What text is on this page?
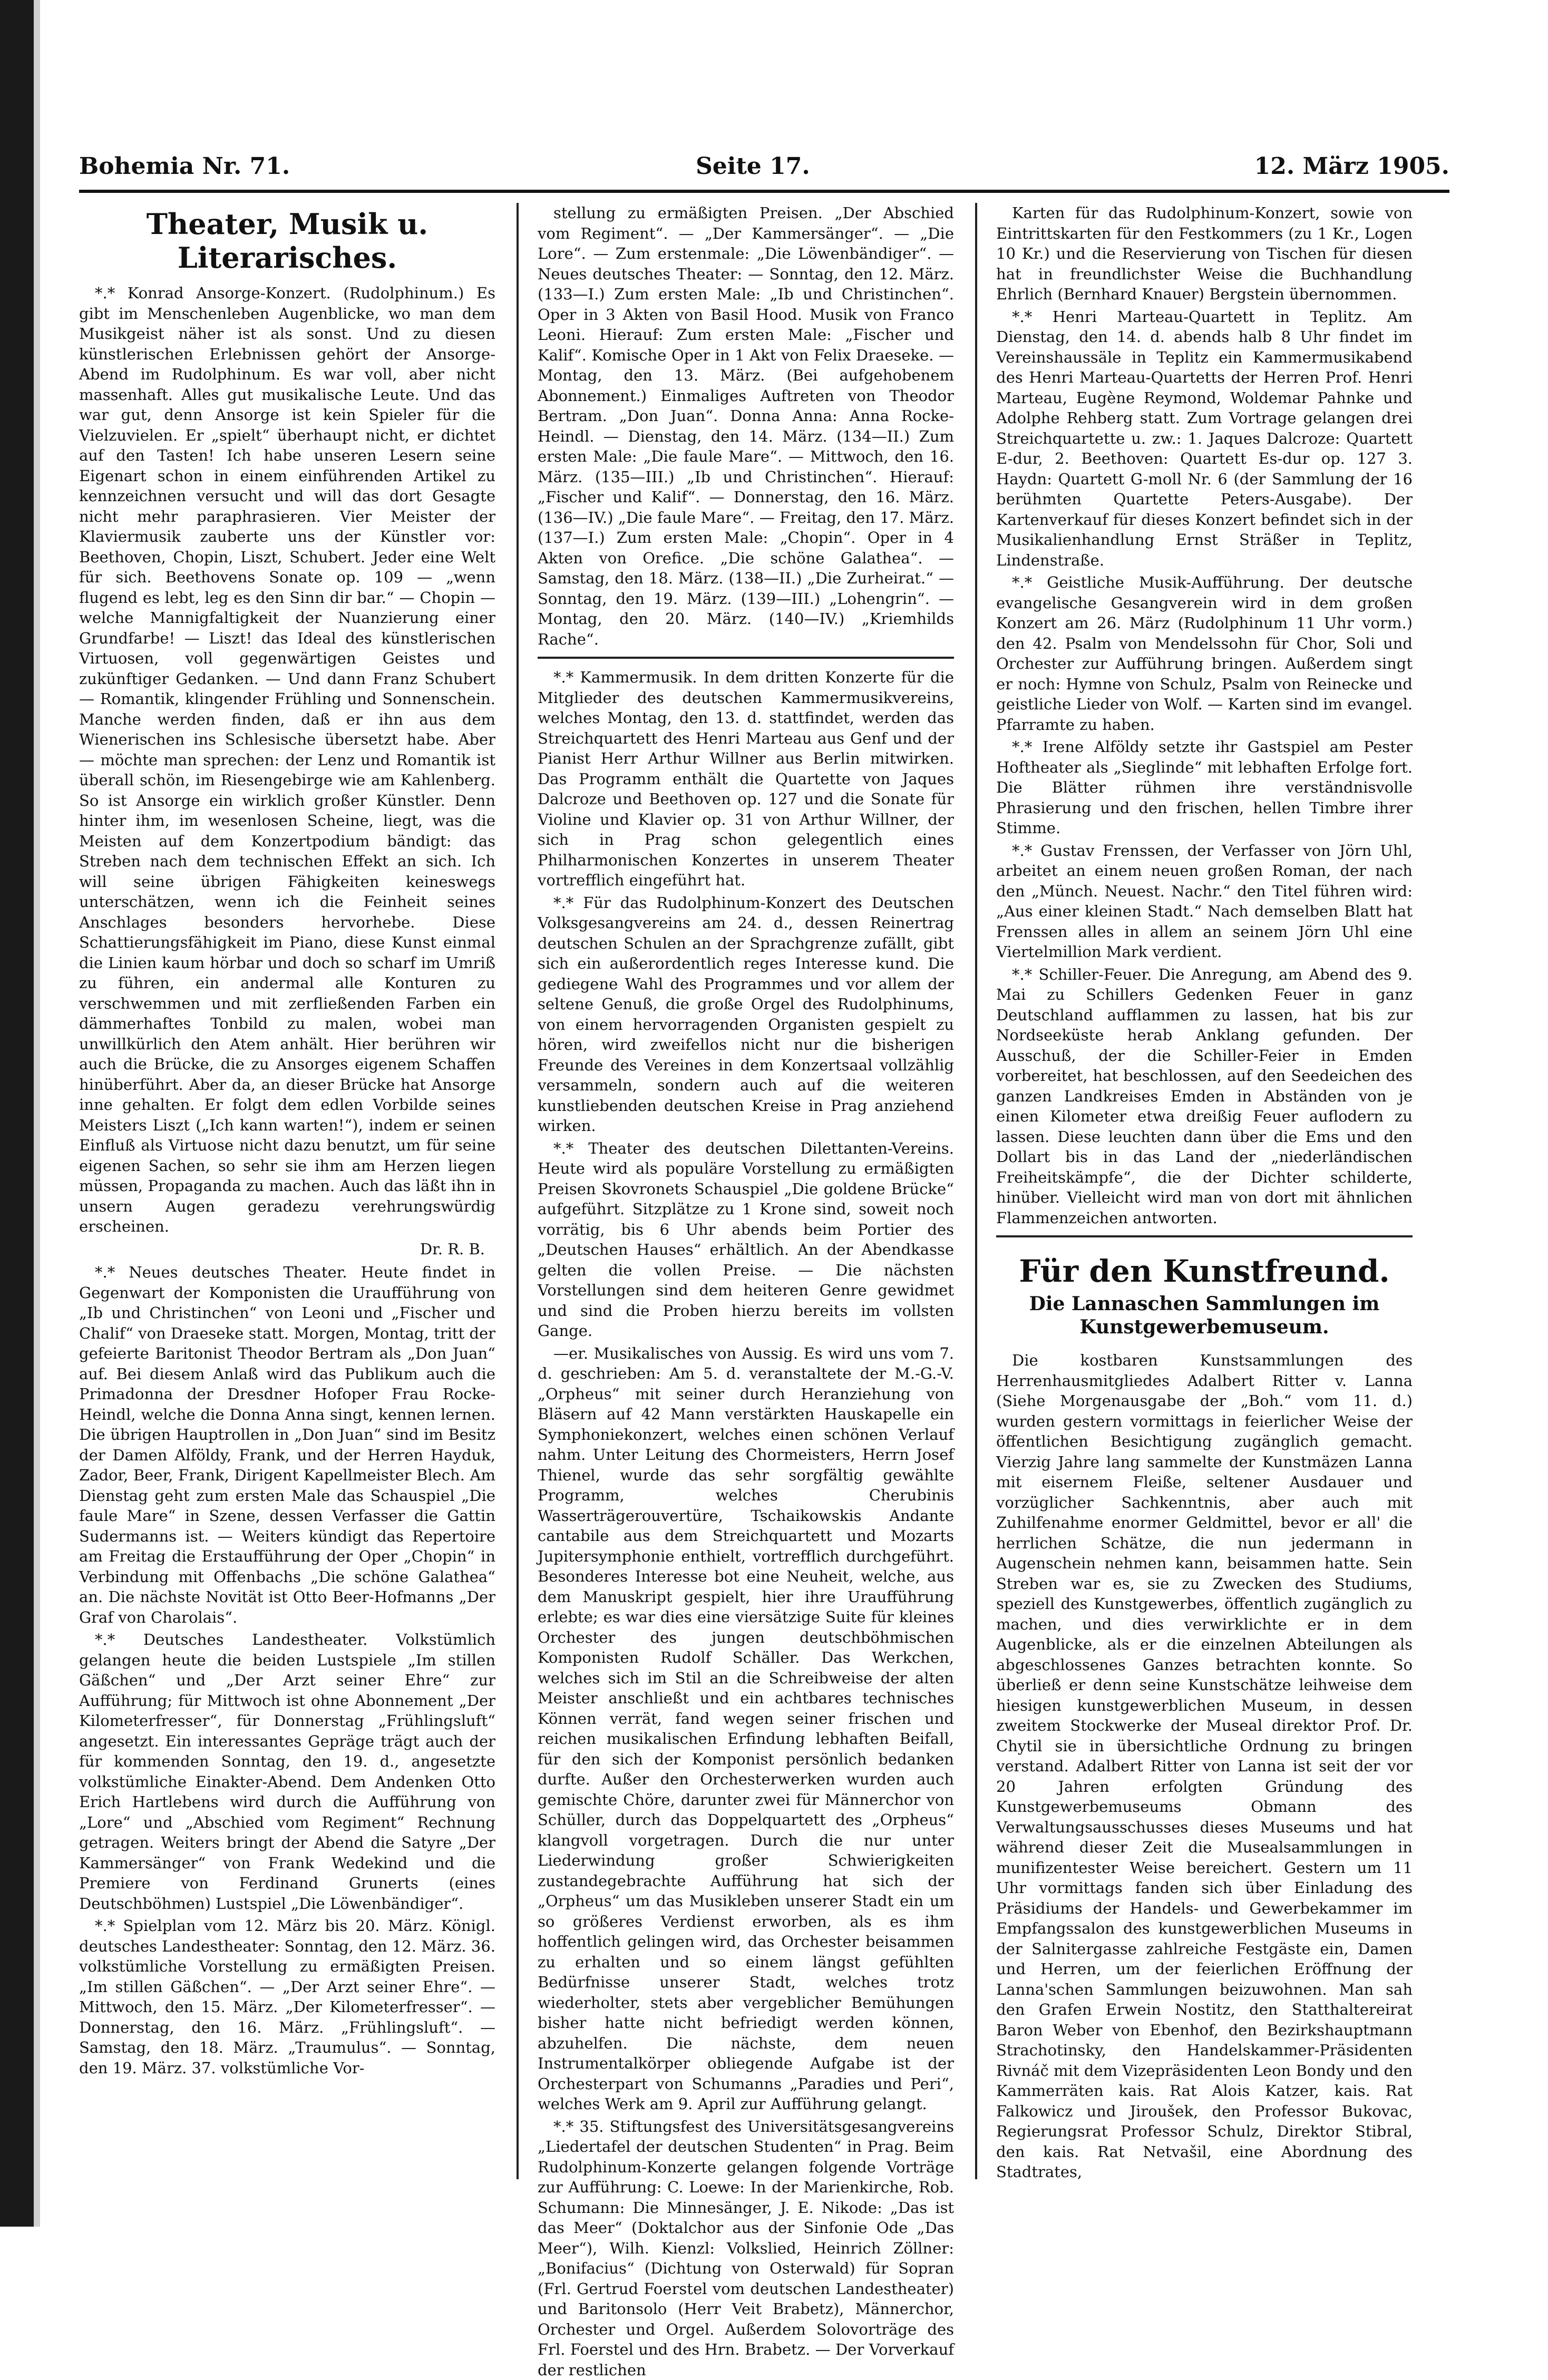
Bohemia Nr. 71.	Seite 17.	12. März 1905.
Theater, Musik u. Literarisches.

*.* Konrad Ansorge-Konzert. (Rudolphinum.) Es gibt im Menschenleben Augenblicke, wo man dem Musikgeist näher ist als sonst. Und zu diesen künstlerischen Erlebnissen gehört der Ansorge-Abend im Rudolphinum. Es war voll, aber nicht massenhaft. Alles gut musikalische Leute. Und das war gut, denn Ansorge ist kein Spieler für die Vielzuvielen. Er „spielt“ überhaupt nicht, er dichtet auf den Tasten! Ich habe unseren Lesern seine Eigenart schon in einem einführenden Artikel zu kennzeichnen versucht und will das dort Gesagte nicht mehr paraphrasieren. Vier Meister der Klaviermusik zauberte uns der Künstler vor: Beethoven, Chopin, Liszt, Schubert. Jeder eine Welt für sich. Beethovens Sonate op. 109 — „wenn flugend es lebt, leg es den Sinn dir bar.“ — Chopin — welche Mannigfaltigkeit der Nuanzierung einer Grundfarbe! — Liszt! das Ideal des künstlerischen Virtuosen, voll gegenwärtigen Geistes und zukünftiger Gedanken. — Und dann Franz Schubert — Romantik, klingender Frühling und Sonnenschein. Manche werden finden, daß er ihn aus dem Wienerischen ins Schlesische übersetzt habe. Aber — möchte man sprechen: der Lenz und Romantik ist überall schön, im Riesengebirge wie am Kahlenberg. So ist Ansorge ein wirklich großer Künstler. Denn hinter ihm, im wesenlosen Scheine, liegt, was die Meisten auf dem Konzertpodium bändigt: das Streben nach dem technischen Effekt an sich. Ich will seine übrigen Fähigkeiten keineswegs unterschätzen, wenn ich die Feinheit seines Anschlages besonders hervorhebe. Diese Schattierungsfähigkeit im Piano, diese Kunst einmal die Linien kaum hörbar und doch so scharf im Umriß zu führen, ein andermal alle Konturen zu verschwemmen und mit zerfließenden Farben ein dämmerhaftes Tonbild zu malen, wobei man unwillkürlich den Atem anhält. Hier berühren wir auch die Brücke, die zu Ansorges eigenem Schaffen hinüberführt. Aber da, an dieser Brücke hat Ansorge inne gehalten. Er folgt dem edlen Vorbilde seines Meisters Liszt („Ich kann warten!“), indem er seinen Einfluß als Virtuose nicht dazu benutzt, um für seine eigenen Sachen, so sehr sie ihm am Herzen liegen müssen, Propaganda zu machen. Auch das läßt ihn in unsern Augen geradezu verehrungswürdig erscheinen.

Dr. R. B.

*.* Neues deutsches Theater. Heute findet in Gegenwart der Komponisten die Uraufführung von „Ib und Christinchen“ von Leoni und „Fischer und Chalif“ von Draeseke statt. Morgen, Montag, tritt der gefeierte Baritonist Theodor Bertram als „Don Juan“ auf. Bei diesem Anlaß wird das Publikum auch die Primadonna der Dresdner Hofoper Frau Rocke-Heindl, welche die Donna Anna singt, kennen lernen. Die übrigen Hauptrollen in „Don Juan“ sind im Besitz der Damen Alföldy, Frank, und der Herren Hayduk, Zador, Beer, Frank, Dirigent Kapellmeister Blech. Am Dienstag geht zum ersten Male das Schauspiel „Die faule Mare“ in Szene, dessen Verfasser die Gattin Sudermanns ist. — Weiters kündigt das Repertoire am Freitag die Erstaufführung der Oper „Chopin“ in Verbindung mit Offenbachs „Die schöne Galathea“ an. Die nächste Novität ist Otto Beer-Hofmanns „Der Graf von Charolais“.

*.* Deutsches Landestheater. Volkstümlich gelangen heute die beiden Lustspiele „Im stillen Gäßchen“ und „Der Arzt seiner Ehre“ zur Aufführung; für Mittwoch ist ohne Abonnement „Der Kilometerfresser“, für Donnerstag „Frühlingsluft“ angesetzt. Ein interessantes Gepräge trägt auch der für kommenden Sonntag, den 19. d., angesetzte volkstümliche Einakter-Abend. Dem Andenken Otto Erich Hartlebens wird durch die Aufführung von „Lore“ und „Abschied vom Regiment“ Rechnung getragen. Weiters bringt der Abend die Satyre „Der Kammersänger“ von Frank Wedekind und die Premiere von Ferdinand Grunerts (eines Deutschböhmen) Lustspiel „Die Löwenbändiger“.

*.* Spielplan vom 12. März bis 20. März. Königl. deutsches Landestheater: Sonntag, den 12. März. 36. volkstümliche Vorstellung zu ermäßigten Preisen. „Im stillen Gäßchen“. — „Der Arzt seiner Ehre“. — Mittwoch, den 15. März. „Der Kilometerfresser“. — Donnerstag, den 16. März. „Frühlingsluft“. — Samstag, den 18. März. „Traumulus“. — Sonntag, den 19. März. 37. volkstümliche Vor-

stellung zu ermäßigten Preisen. „Der Abschied vom Regiment“. — „Der Kammersänger“. — „Die Lore“. — Zum erstenmale: „Die Löwenbändiger“. — Neues deutsches Theater: — Sonntag, den 12. März. (133—I.) Zum ersten Male: „Ib und Christinchen“. Oper in 3 Akten von Basil Hood. Musik von Franco Leoni. Hierauf: Zum ersten Male: „Fischer und Kalif“. Komische Oper in 1 Akt von Felix Draeseke. — Montag, den 13. März. (Bei aufgehobenem Abonnement.) Einmaliges Auftreten von Theodor Bertram. „Don Juan“. Donna Anna: Anna Rocke-Heindl. — Dienstag, den 14. März. (134—II.) Zum ersten Male: „Die faule Mare“. — Mittwoch, den 16. März. (135—III.) „Ib und Christinchen“. Hierauf: „Fischer und Kalif“. — Donnerstag, den 16. März. (136—IV.) „Die faule Mare“. — Freitag, den 17. März. (137—I.) Zum ersten Male: „Chopin“. Oper in 4 Akten von Orefice. „Die schöne Galathea“. — Samstag, den 18. März. (138—II.) „Die Zurheirat.“ — Sonntag, den 19. März. (139—III.) „Lohengrin“. — Montag, den 20. März. (140—IV.) „Kriemhilds Rache“.

*.* Kammermusik. In dem dritten Konzerte für die Mitglieder des deutschen Kammermusikvereins, welches Montag, den 13. d. stattfindet, werden das Streichquartett des Henri Marteau aus Genf und der Pianist Herr Arthur Willner aus Berlin mitwirken. Das Programm enthält die Quartette von Jaques Dalcroze und Beethoven op. 127 und die Sonate für Violine und Klavier op. 31 von Arthur Willner, der sich in Prag schon gelegentlich eines Philharmonischen Konzertes in unserem Theater vortrefflich eingeführt hat.

*.* Für das Rudolphinum-Konzert des Deutschen Volksgesangvereins am 24. d., dessen Reinertrag deutschen Schulen an der Sprachgrenze zufällt, gibt sich ein außerordentlich reges Interesse kund. Die gediegene Wahl des Programmes und vor allem der seltene Genuß, die große Orgel des Rudolphinums, von einem hervorragenden Organisten gespielt zu hören, wird zweifellos nicht nur die bisherigen Freunde des Vereines in dem Konzertsaal vollzählig versammeln, sondern auch auf die weiteren kunstliebenden deutschen Kreise in Prag anziehend wirken.

*.* Theater des deutschen Dilettanten-Vereins. Heute wird als populäre Vorstellung zu ermäßigten Preisen Skovronets Schauspiel „Die goldene Brücke“ aufgeführt. Sitzplätze zu 1 Krone sind, soweit noch vorrätig, bis 6 Uhr abends beim Portier des „Deutschen Hauses“ erhältlich. An der Abendkasse gelten die vollen Preise. — Die nächsten Vorstellungen sind dem heiteren Genre gewidmet und sind die Proben hierzu bereits im vollsten Gange.

—er. Musikalisches von Aussig. Es wird uns vom 7. d. geschrieben: Am 5. d. veranstaltete der M.-G.-V. „Orpheus“ mit seiner durch Heranziehung von Bläsern auf 42 Mann verstärkten Hauskapelle ein Symphoniekonzert, welches einen schönen Verlauf nahm. Unter Leitung des Chormeisters, Herrn Josef Thienel, wurde das sehr sorgfältig gewählte Programm, welches Cherubinis Wasserträgerouvertüre, Tschaikowskis Andante cantabile aus dem Streichquartett und Mozarts Jupitersymphonie enthielt, vortrefflich durchgeführt. Besonderes Interesse bot eine Neuheit, welche, aus dem Manuskript gespielt, hier ihre Uraufführung erlebte; es war dies eine viersätzige Suite für kleines Orchester des jungen deutschböhmischen Komponisten Rudolf Schäller. Das Werkchen, welches sich im Stil an die Schreibweise der alten Meister anschließt und ein achtbares technisches Können verrät, fand wegen seiner frischen und reichen musikalischen Erfindung lebhaften Beifall, für den sich der Komponist persönlich bedanken durfte. Außer den Orchesterwerken wurden auch gemischte Chöre, darunter zwei für Männerchor von Schüller, durch das Doppelquartett des „Orpheus“ klangvoll vorgetragen. Durch die nur unter Liederwindung großer Schwierigkeiten zustandegebrachte Aufführung hat sich der „Orpheus“ um das Musikleben unserer Stadt ein um so größeres Verdienst erworben, als es ihm hoffentlich gelingen wird, das Orchester beisammen zu erhalten und so einem längst gefühlten Bedürfnisse unserer Stadt, welches trotz wiederholter, stets aber vergeblicher Bemühungen bisher hatte nicht befriedigt werden können, abzuhelfen. Die nächste, dem neuen Instrumentalkörper obliegende Aufgabe ist der Orchesterpart von Schumanns „Paradies und Peri“, welches Werk am 9. April zur Aufführung gelangt.

*.* 35. Stiftungsfest des Universitätsgesangvereins „Liedertafel der deutschen Studenten“ in Prag. Beim Rudolphinum-Konzerte gelangen folgende Vorträge zur Aufführung: C. Loewe: In der Marienkirche, Rob. Schumann: Die Minnesänger, J. E. Nikode: „Das ist das Meer“ (Doktalchor aus der Sinfonie Ode „Das Meer“), Wilh. Kienzl: Volkslied, Heinrich Zöllner: „Bonifacius“ (Dichtung von Osterwald) für Sopran (Frl. Gertrud Foerstel vom deutschen Landestheater) und Baritonsolo (Herr Veit Brabetz), Männerchor, Orchester und Orgel. Außerdem Solovorträge des Frl. Foerstel und des Hrn. Brabetz. — Der Vorverkauf der restlichen

Karten für das Rudolphinum-Konzert, sowie von Eintrittskarten für den Festkommers (zu 1 Kr., Logen 10 Kr.) und die Reservierung von Tischen für diesen hat in freundlichster Weise die Buchhandlung Ehrlich (Bernhard Knauer) Bergstein übernommen.

*.* Henri Marteau-Quartett in Teplitz. Am Dienstag, den 14. d. abends halb 8 Uhr findet im Vereinshaussäle in Teplitz ein Kammermusikabend des Henri Marteau-Quartetts der Herren Prof. Henri Marteau, Eugène Reymond, Woldemar Pahnke und Adolphe Rehberg statt. Zum Vortrage gelangen drei Streichquartette u. zw.: 1. Jaques Dalcroze: Quartett E-dur, 2. Beethoven: Quartett Es-dur op. 127 3. Haydn: Quartett G-moll Nr. 6 (der Sammlung der 16 berühmten Quartette Peters-Ausgabe). Der Kartenverkauf für dieses Konzert befindet sich in der Musikalienhandlung Ernst Sträßer in Teplitz, Lindenstraße.

*.* Geistliche Musik-Aufführung. Der deutsche evangelische Gesangverein wird in dem großen Konzert am 26. März (Rudolphinum 11 Uhr vorm.) den 42. Psalm von Mendelssohn für Chor, Soli und Orchester zur Aufführung bringen. Außerdem singt er noch: Hymne von Schulz, Psalm von Reinecke und geistliche Lieder von Wolf. — Karten sind im evangel. Pfarramte zu haben.

*.* Irene Alföldy setzte ihr Gastspiel am Pester Hoftheater als „Sieglinde“ mit lebhaften Erfolge fort. Die Blätter rühmen ihre verständnisvolle Phrasierung und den frischen, hellen Timbre ihrer Stimme.

*.* Gustav Frenssen, der Verfasser von Jörn Uhl, arbeitet an einem neuen großen Roman, der nach den „Münch. Neuest. Nachr.“ den Titel führen wird: „Aus einer kleinen Stadt.“ Nach demselben Blatt hat Frenssen alles in allem an seinem Jörn Uhl eine Viertelmillion Mark verdient.

*.* Schiller-Feuer. Die Anregung, am Abend des 9. Mai zu Schillers Gedenken Feuer in ganz Deutschland aufflammen zu lassen, hat bis zur Nordseeküste herab Anklang gefunden. Der Ausschuß, der die Schiller-Feier in Emden vorbereitet, hat beschlossen, auf den Seedeichen des ganzen Landkreises Emden in Abständen von je einen Kilometer etwa dreißig Feuer auflodern zu lassen. Diese leuchten dann über die Ems und den Dollart bis in das Land der „niederländischen Freiheitskämpfe“, die der Dichter schilderte, hinüber. Vielleicht wird man von dort mit ähnlichen Flammenzeichen antworten.

Für den Kunstfreund.
Die Lannaschen Sammlungen im Kunstgewerbemuseum.

Die kostbaren Kunstsammlungen des Herrenhausmitgliedes Adalbert Ritter v. Lanna (Siehe Morgenausgabe der „Boh.“ vom 11. d.) wurden gestern vormittags in feierlicher Weise der öffentlichen Besichtigung zugänglich gemacht. Vierzig Jahre lang sammelte der Kunstmäzen Lanna mit eisernem Fleiße, seltener Ausdauer und vorzüglicher Sachkenntnis, aber auch mit Zuhilfenahme enormer Geldmittel, bevor er all' die herrlichen Schätze, die nun jedermann in Augenschein nehmen kann, beisammen hatte. Sein Streben war es, sie zu Zwecken des Studiums, speziell des Kunstgewerbes, öffentlich zugänglich zu machen, und dies verwirklichte er in dem Augenblicke, als er die einzelnen Abteilungen als abgeschlossenes Ganzes betrachten konnte. So überließ er denn seine Kunstschätze leihweise dem hiesigen kunstgewerblichen Museum, in dessen zweitem Stockwerke der Museal direktor Prof. Dr. Chytil sie in übersichtliche Ordnung zu bringen verstand. Adalbert Ritter von Lanna ist seit der vor 20 Jahren erfolgten Gründung des Kunstgewerbemuseums Obmann des Verwaltungsausschusses dieses Museums und hat während dieser Zeit die Musealsammlungen in munifizentester Weise bereichert. Gestern um 11 Uhr vormittags fanden sich über Einladung des Präsidiums der Handels- und Gewerbekammer im Empfangssalon des kunstgewerblichen Museums in der Salnitergasse zahlreiche Festgäste ein, Damen und Herren, um der feierlichen Eröffnung der Lanna'schen Sammlungen beizuwohnen. Man sah den Grafen Erwein Nostitz, den Statthaltereirat Baron Weber von Ebenhof, den Bezirkshauptmann Strachotinsky, den Handelskammer-Präsidenten Rivnáč mit dem Vizepräsidenten Leon Bondy und den Kammerräten kais. Rat Alois Katzer, kais. Rat Falkowicz und Jiroušek, den Professor Bukovac, Regierungsrat Professor Schulz, Direktor Stibral, den kais. Rat Netvašil, eine Abordnung des Stadtrates,
